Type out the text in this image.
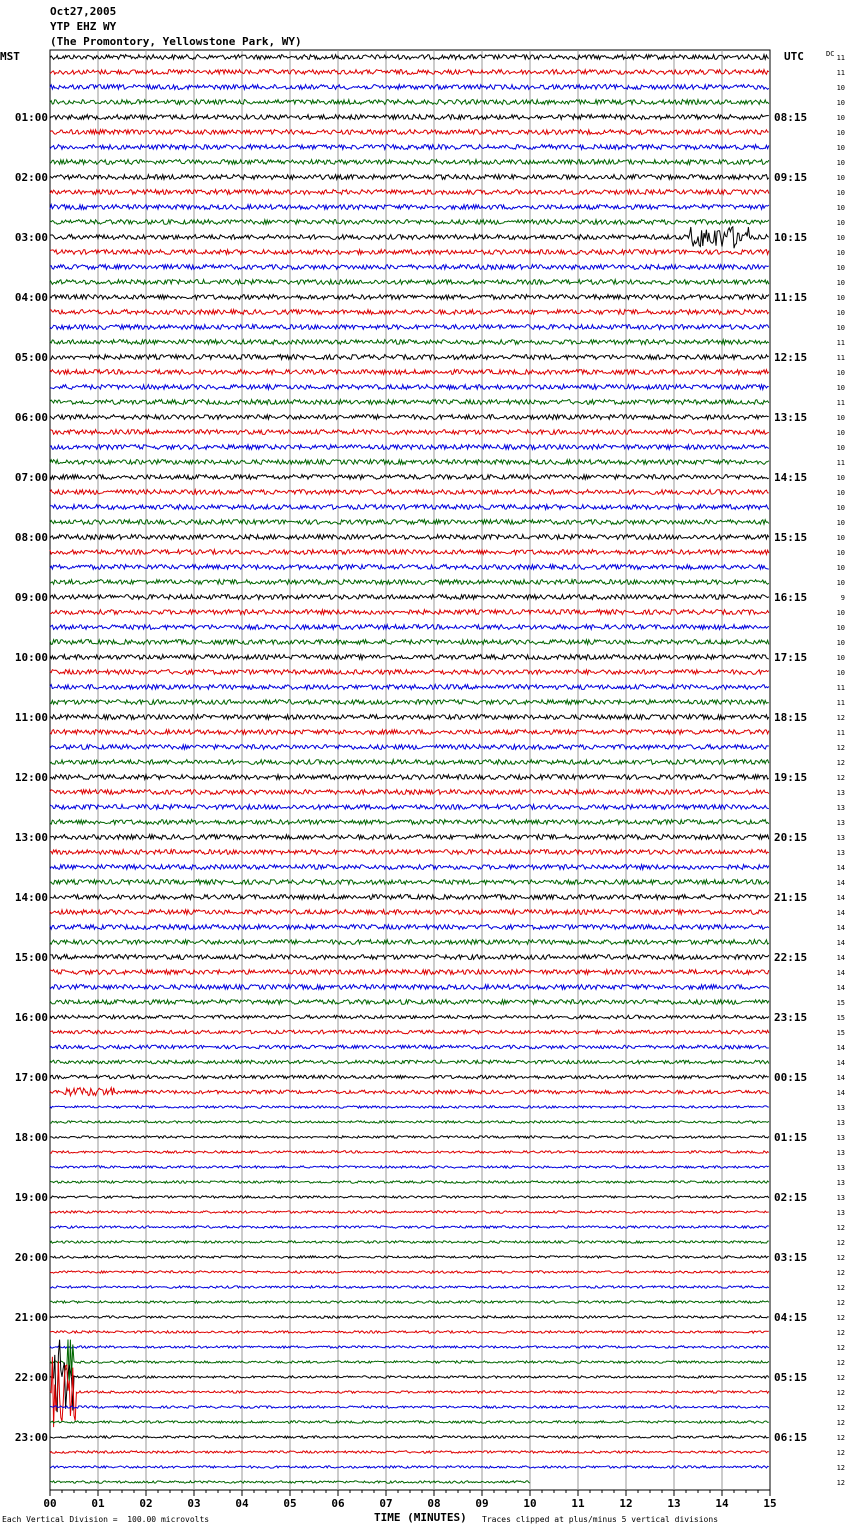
Oct27,2005
YTP EHZ WY
(The Promontory, Yellowstone Park, WY)
MST	UTC	DC
00	01	02	03	04	05	06	07	08	09	10	11	12	13	14	15
11
11
10
10
10
10
10
10
10
10
10
10
10
10
10
10
10
10
10
11
11
10
10
11
10
10
10
11
10
10
10
10
10
10
10
10
9
10
10
10
10
10
11
11
12
11
12
12
12
13
13
13
13
13
14
14
14
14
14
14
14
14
14
15
15
15
14
14
14
14
13
13
13
13
13
13
13
13
12
12
12
12
12
12
12
12
12
12
12
12
12
12
12
12
12
12
01:00
02:00
03:00
04:00
05:00
06:00
07:00
08:00
09:00
10:00
11:00
12:00
13:00
14:00
15:00
16:00
17:00
18:00
19:00
20:00
21:00
22:00
23:00
08:15
09:15
10:15
11:15
12:15
13:15
14:15
15:15
16:15
17:15
18:15
19:15
20:15
21:15
22:15
23:15
00:15
01:15
02:15
03:15
04:15
05:15
06:15
TIME (MINUTES)
Each Vertical Division =  100.00 microvolts	Traces clipped at plus/minus 5 vertical divisions
